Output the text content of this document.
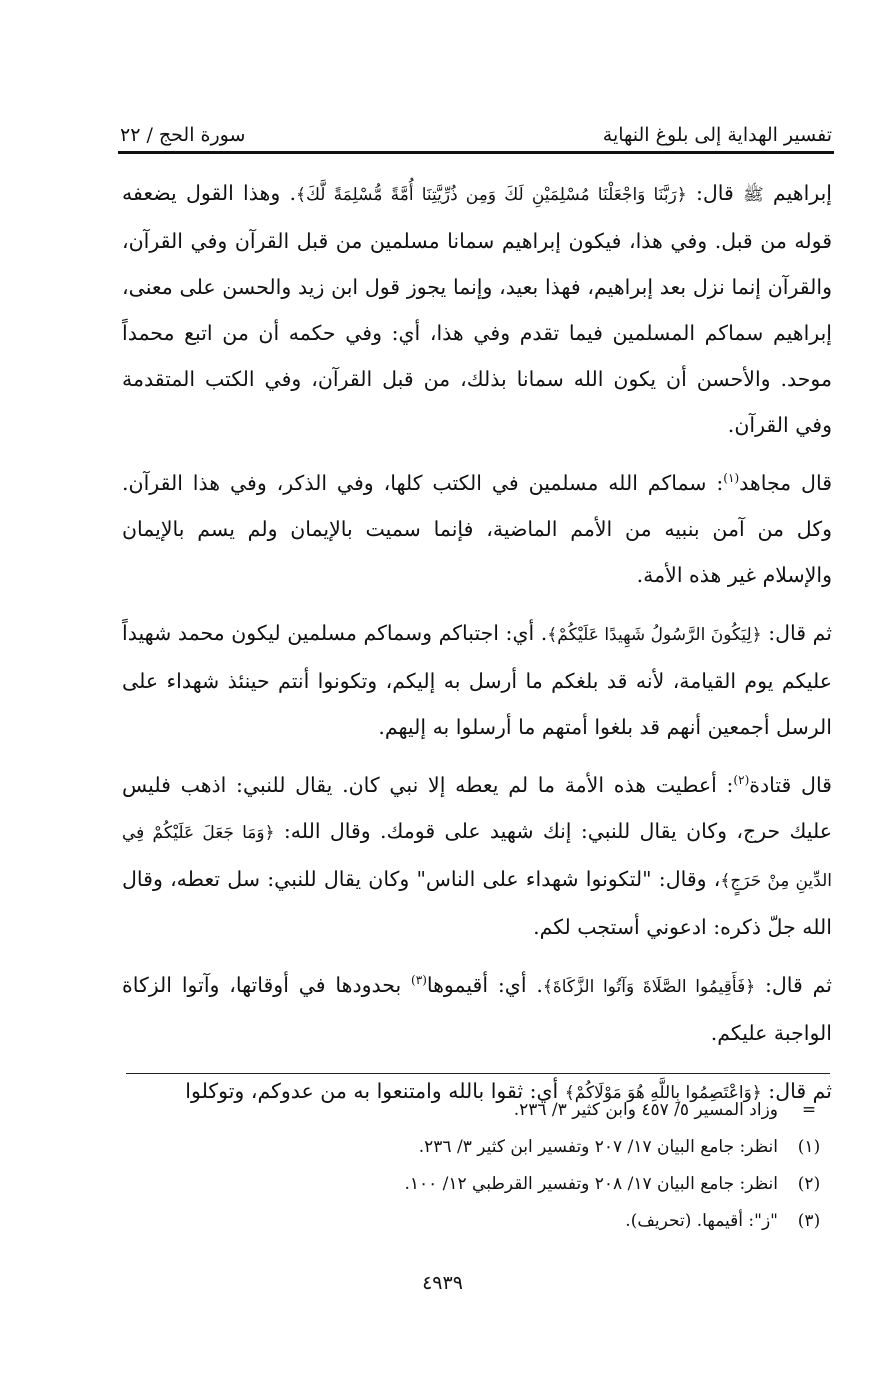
تفسير الهداية إلى بلوغ النهاية
سورة الحج / ٢٢

إبراهيم ﷺ قال: ﴿رَبَّنَا وَاجْعَلْنَا مُسْلِمَيْنِ لَكَ وَمِن ذُرِّيَّتِنَا أُمَّةً مُّسْلِمَةً لَّكَ﴾. وهذا القول يضعفه قوله من قبل. وفي هذا، فيكون إبراهيم سمانا مسلمين من قبل القرآن وفي القرآن، والقرآن إنما نزل بعد إبراهيم، فهذا بعيد، وإنما يجوز قول ابن زيد والحسن على معنى، إبراهيم سماكم المسلمين فيما تقدم وفي هذا، أي: وفي حكمه أن من اتبع محمداً موحد. والأحسن أن يكون الله سمانا بذلك، من قبل القرآن، وفي الكتب المتقدمة وفي القرآن.

قال مجاهد$^{(١)}$: سماكم الله مسلمين في الكتب كلها، وفي الذكر، وفي هذا القرآن. وكل من آمن بنبيه من الأمم الماضية، فإنما سميت بالإيمان ولم يسم بالإيمان والإسلام غير هذه الأمة.

ثم قال: ﴿لِيَكُونَ الرَّسُولُ شَهِيدًا عَلَيْكُمْ﴾. أي: اجتباكم وسماكم مسلمين ليكون محمد شهيداً عليكم يوم القيامة، لأنه قد بلغكم ما أرسل به إليكم، وتكونوا أنتم حينئذ شهداء على الرسل أجمعين أنهم قد بلغوا أمتهم ما أرسلوا به إليهم.

قال قتادة$^{(٢)}$: أعطيت هذه الأمة ما لم يعطه إلا نبي كان. يقال للنبي: اذهب فليس عليك حرج، وكان يقال للنبي: إنك شهيد على قومك. وقال الله: ﴿وَمَا جَعَلَ عَلَيْكُمْ فِي الدِّينِ مِنْ حَرَجٍ﴾، وقال: "لتكونوا شهداء على الناس" وكان يقال للنبي: سل تعطه، وقال الله جلّ ذكره: ادعوني أستجب لكم.

ثم قال: ﴿فَأَقِيمُوا الصَّلَاةَ وَآتُوا الزَّكَاةَ﴾. أي: أقيموها$^{(٣)}$ بحدودها في أوقاتها، وآتوا الزكاة الواجبة عليكم.

ثم قال: ﴿وَاعْتَصِمُوا بِاللَّهِ هُوَ مَوْلَاكُمْ﴾ أي: ثقوا بالله وامتنعوا به من عدوكم، وتوكلوا

=
وزاد المسير ٥/ ٤٥٧ وابن كثير ٣/ ٢٣٦.
(١)
انظر: جامع البيان ١٧/ ٢٠٧ وتفسير ابن كثير ٣/ ٢٣٦.
(٢)
انظر: جامع البيان ١٧/ ٢٠٨ وتفسير القرطبي ١٢/ ١٠٠.
(٣)
"ز": أقيمها. (تحريف).
٤٩٣٩
